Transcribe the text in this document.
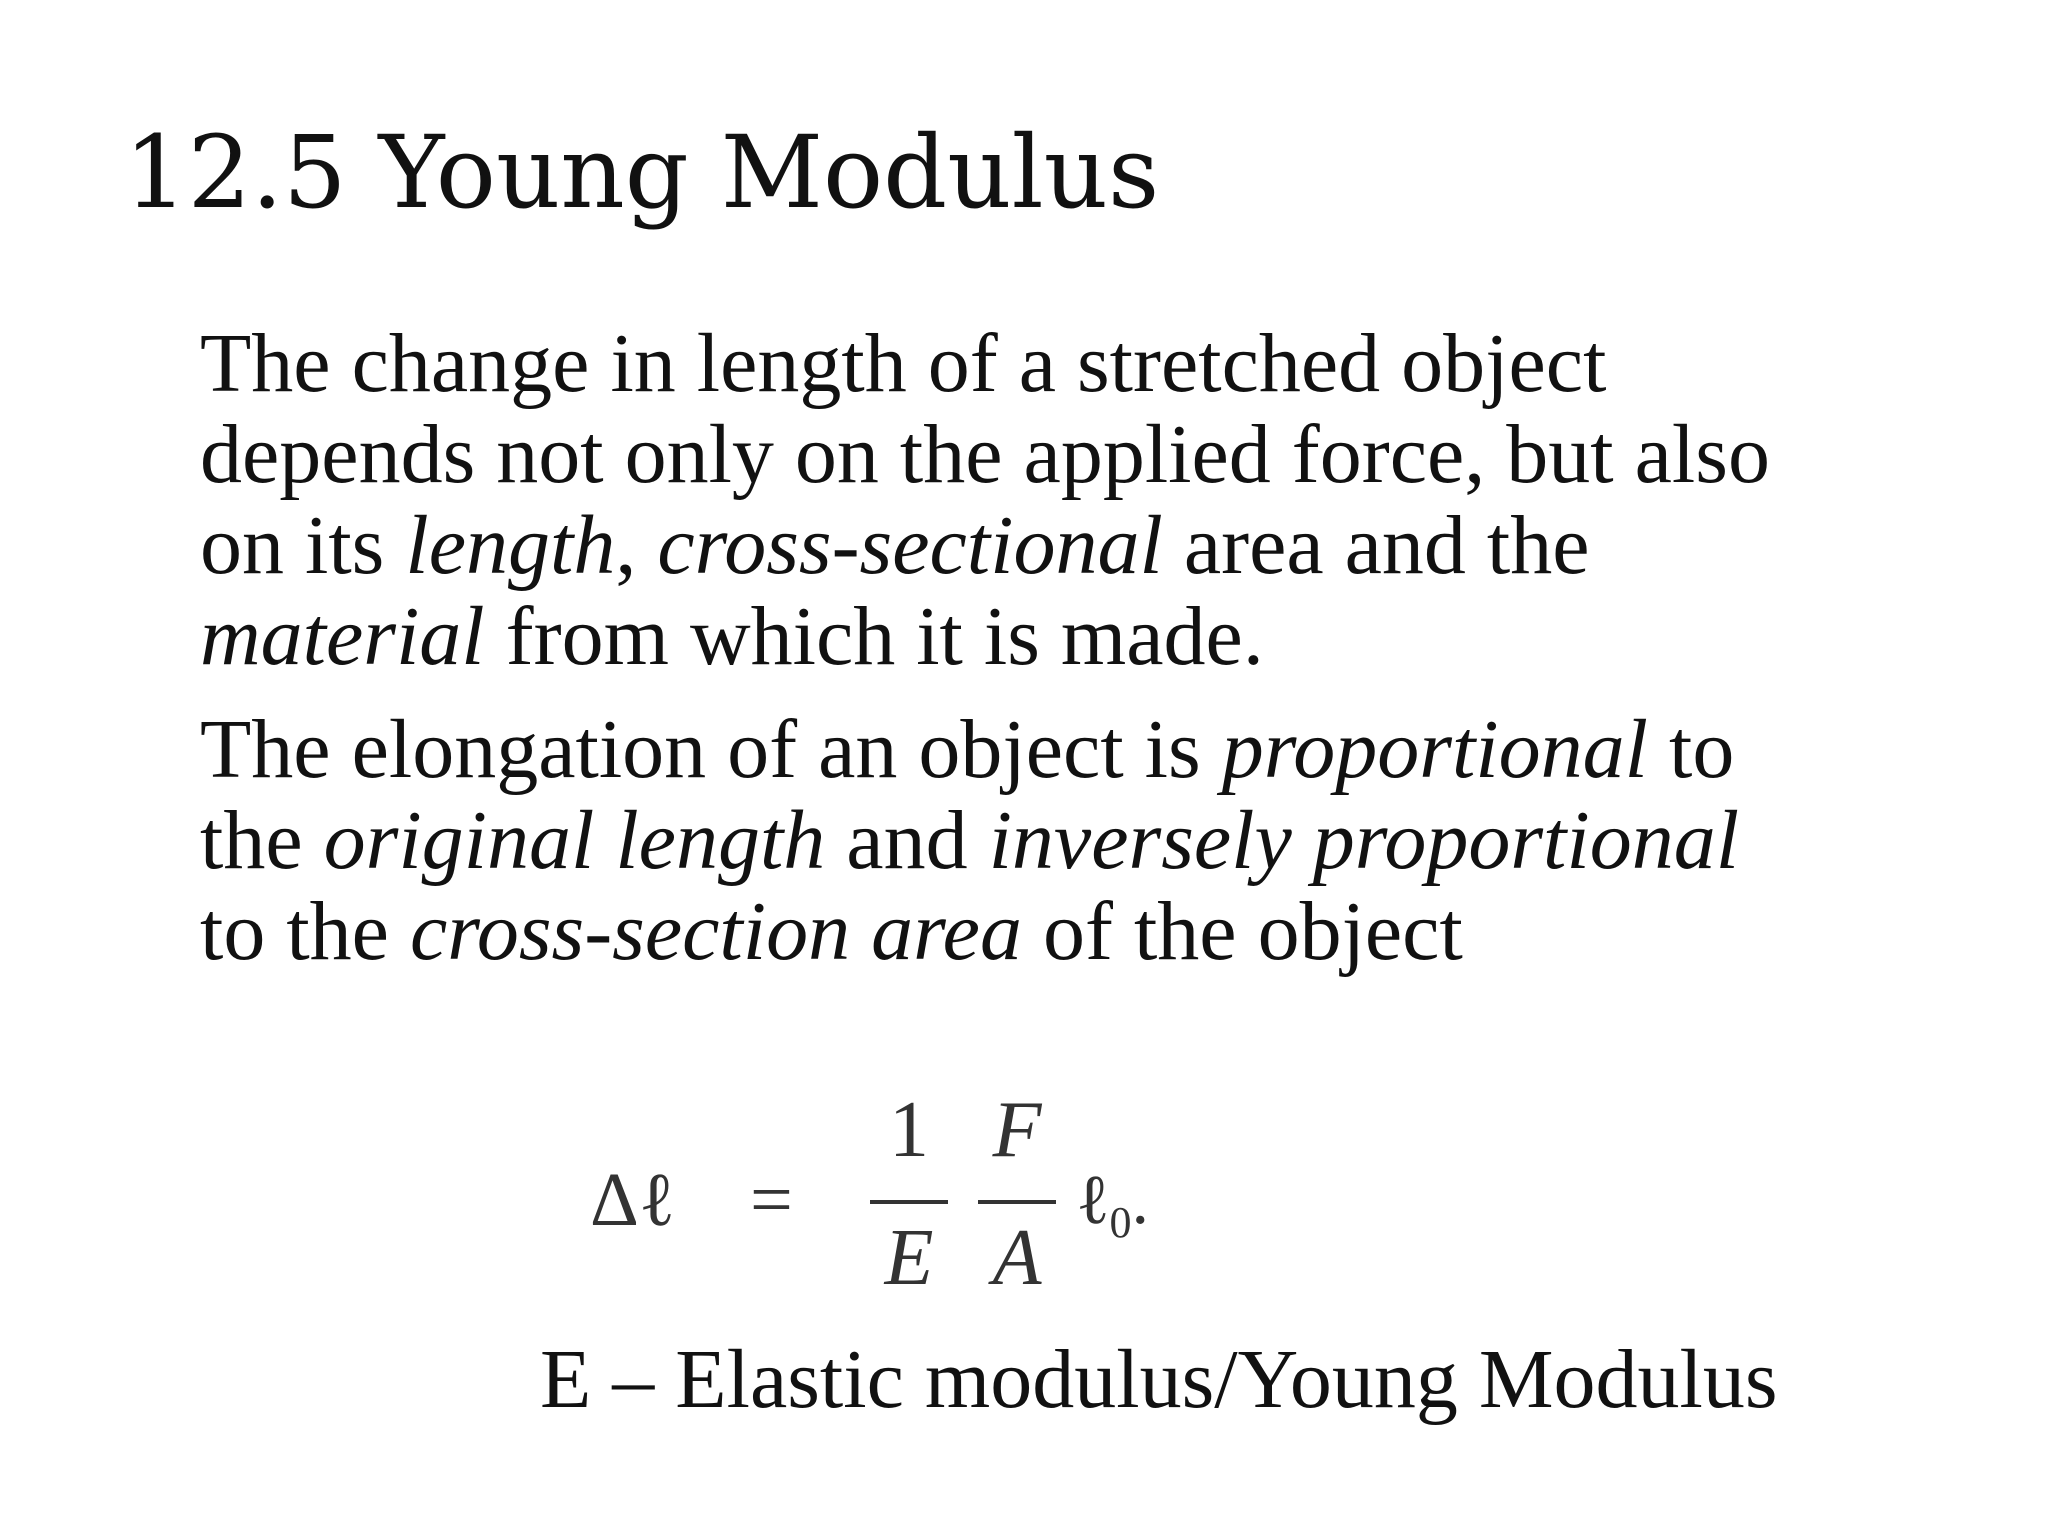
12.5 Young Modulus
The change in length of a stretched object
depends not only on the applied force, but also
on its length, cross-sectional area and the
material from which it is made.
The elongation of an object is proportional to
the original length and inversely proportional
to the cross-section area of the object
Δℓ =
1
E
F
A
ℓ$_0$.
E – Elastic modulus/Young Modulus
